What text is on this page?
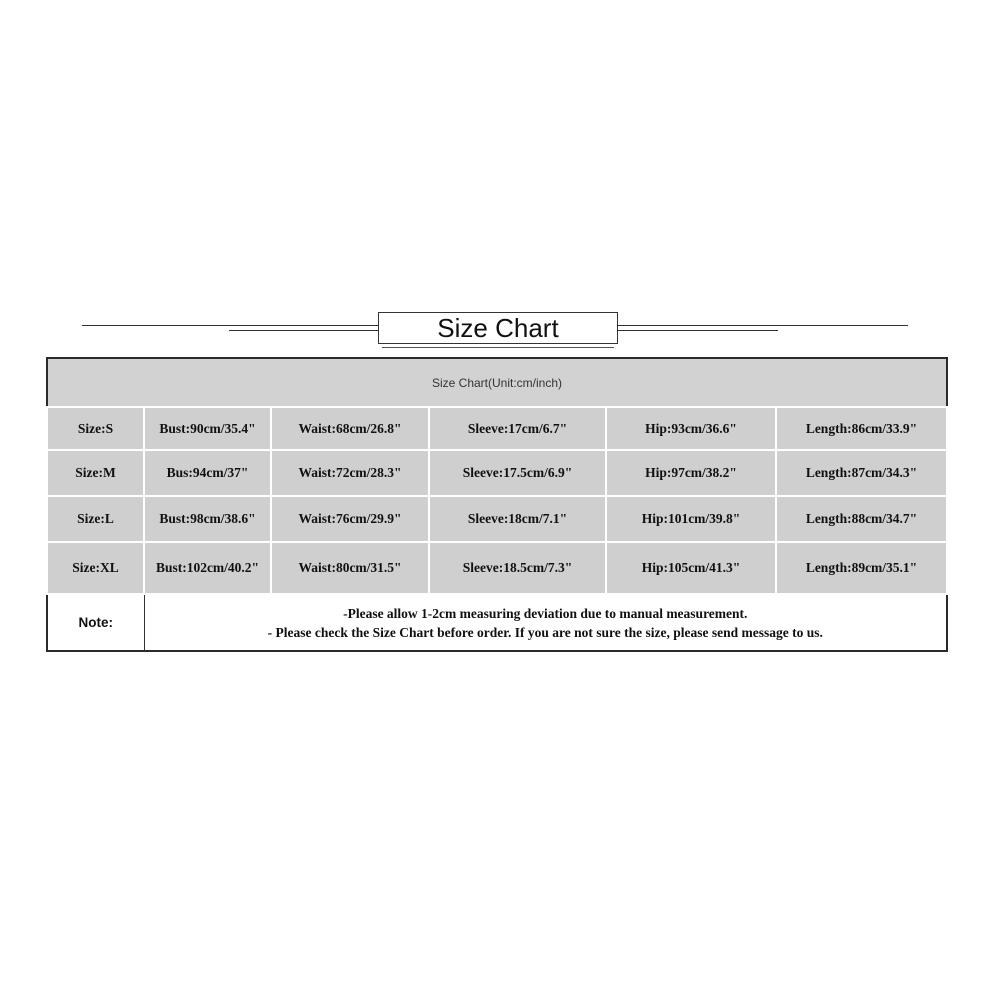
Size Chart
Size Chart(Unit:cm/inch)					
Size:S	Bust:90cm/35.4"	Waist:68cm/26.8"	Sleeve:17cm/6.7"	Hip:93cm/36.6"	Length:86cm/33.9"
Size:M	Bus:94cm/37"	Waist:72cm/28.3"	Sleeve:17.5cm/6.9"	Hip:97cm/38.2"	Length:87cm/34.3"
Size:L	Bust:98cm/38.6"	Waist:76cm/29.9"	Sleeve:18cm/7.1"	Hip:101cm/39.8"	Length:88cm/34.7"
Size:XL	Bust:102cm/40.2"	Waist:80cm/31.5"	Sleeve:18.5cm/7.3"	Hip:105cm/41.3"	Length:89cm/35.1"
Note:	-Please allow 1-2cm measuring deviation due to manual measurement.
- Please check the Size Chart before order. If you are not sure the size, please send message to us.				
